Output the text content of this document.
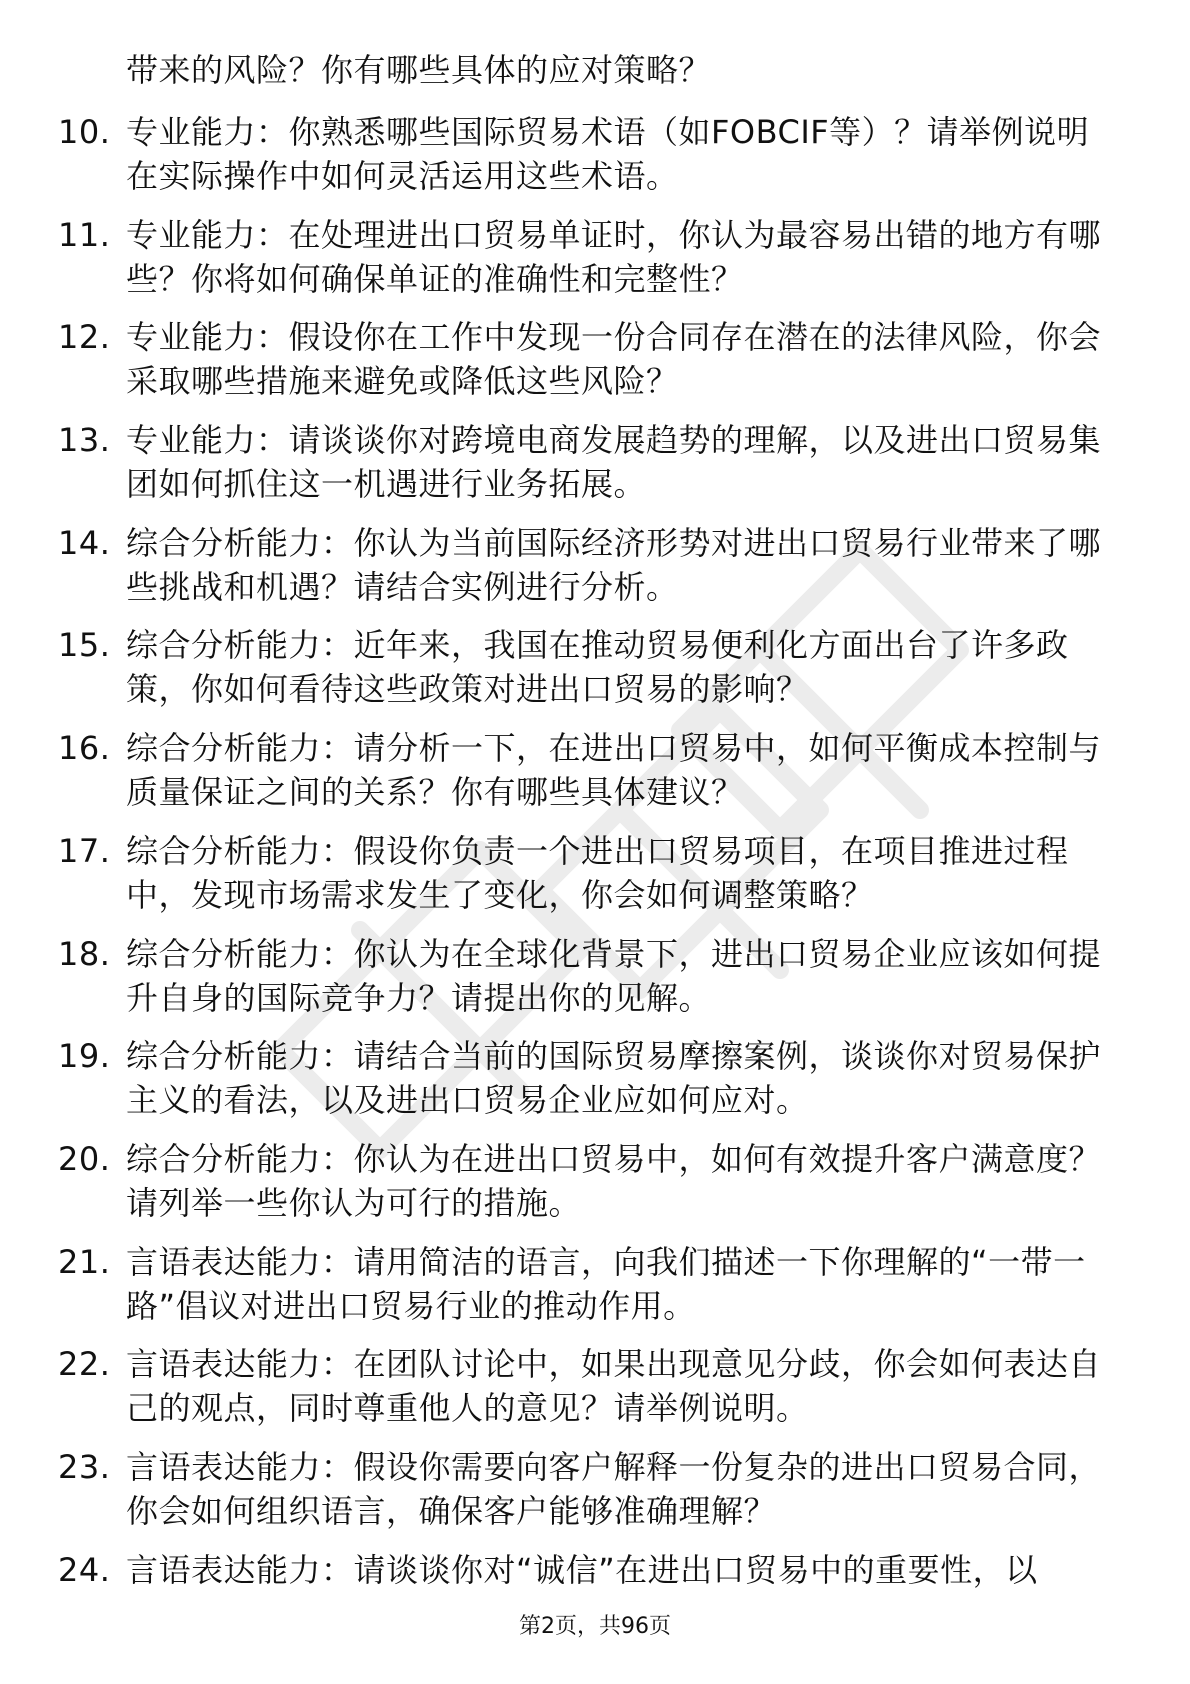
带来的风险？你有哪些具体的应对策略？
10. 专业能力：你熟悉哪些国际贸易术语（如FOBCIF等）？请举例说明在实际操作中如何灵活运用这些术语。
11. 专业能力：在处理进出口贸易单证时，你认为最容易出错的地方有哪些？你将如何确保单证的准确性和完整性？
12. 专业能力：假设你在工作中发现一份合同存在潜在的法律风险，你会采取哪些措施来避免或降低这些风险？
13. 专业能力：请谈谈你对跨境电商发展趋势的理解，以及进出口贸易集团如何抓住这一机遇进行业务拓展。
14. 综合分析能力：你认为当前国际经济形势对进出口贸易行业带来了哪些挑战和机遇？请结合实例进行分析。
15. 综合分析能力：近年来，我国在推动贸易便利化方面出台了许多政策，你如何看待这些政策对进出口贸易的影响？
16. 综合分析能力：请分析一下，在进出口贸易中，如何平衡成本控制与质量保证之间的关系？你有哪些具体建议？
17. 综合分析能力：假设你负责一个进出口贸易项目，在项目推进过程中，发现市场需求发生了变化，你会如何调整策略？
18. 综合分析能力：你认为在全球化背景下，进出口贸易企业应该如何提升自身的国际竞争力？请提出你的见解。
19. 综合分析能力：请结合当前的国际贸易摩擦案例，谈谈你对贸易保护主义的看法，以及进出口贸易企业应如何应对。
20. 综合分析能力：你认为在进出口贸易中，如何有效提升客户满意度？请列举一些你认为可行的措施。
21. 言语表达能力：请用简洁的语言，向我们描述一下你理解的“一带一路”倡议对进出口贸易行业的推动作用。
22. 言语表达能力：在团队讨论中，如果出现意见分歧，你会如何表达自己的观点，同时尊重他人的意见？请举例说明。
23. 言语表达能力：假设你需要向客户解释一份复杂的进出口贸易合同，你会如何组织语言，确保客户能够准确理解？
24. 言语表达能力：请谈谈你对“诚信”在进出口贸易中的重要性，以
第2页，共96页
